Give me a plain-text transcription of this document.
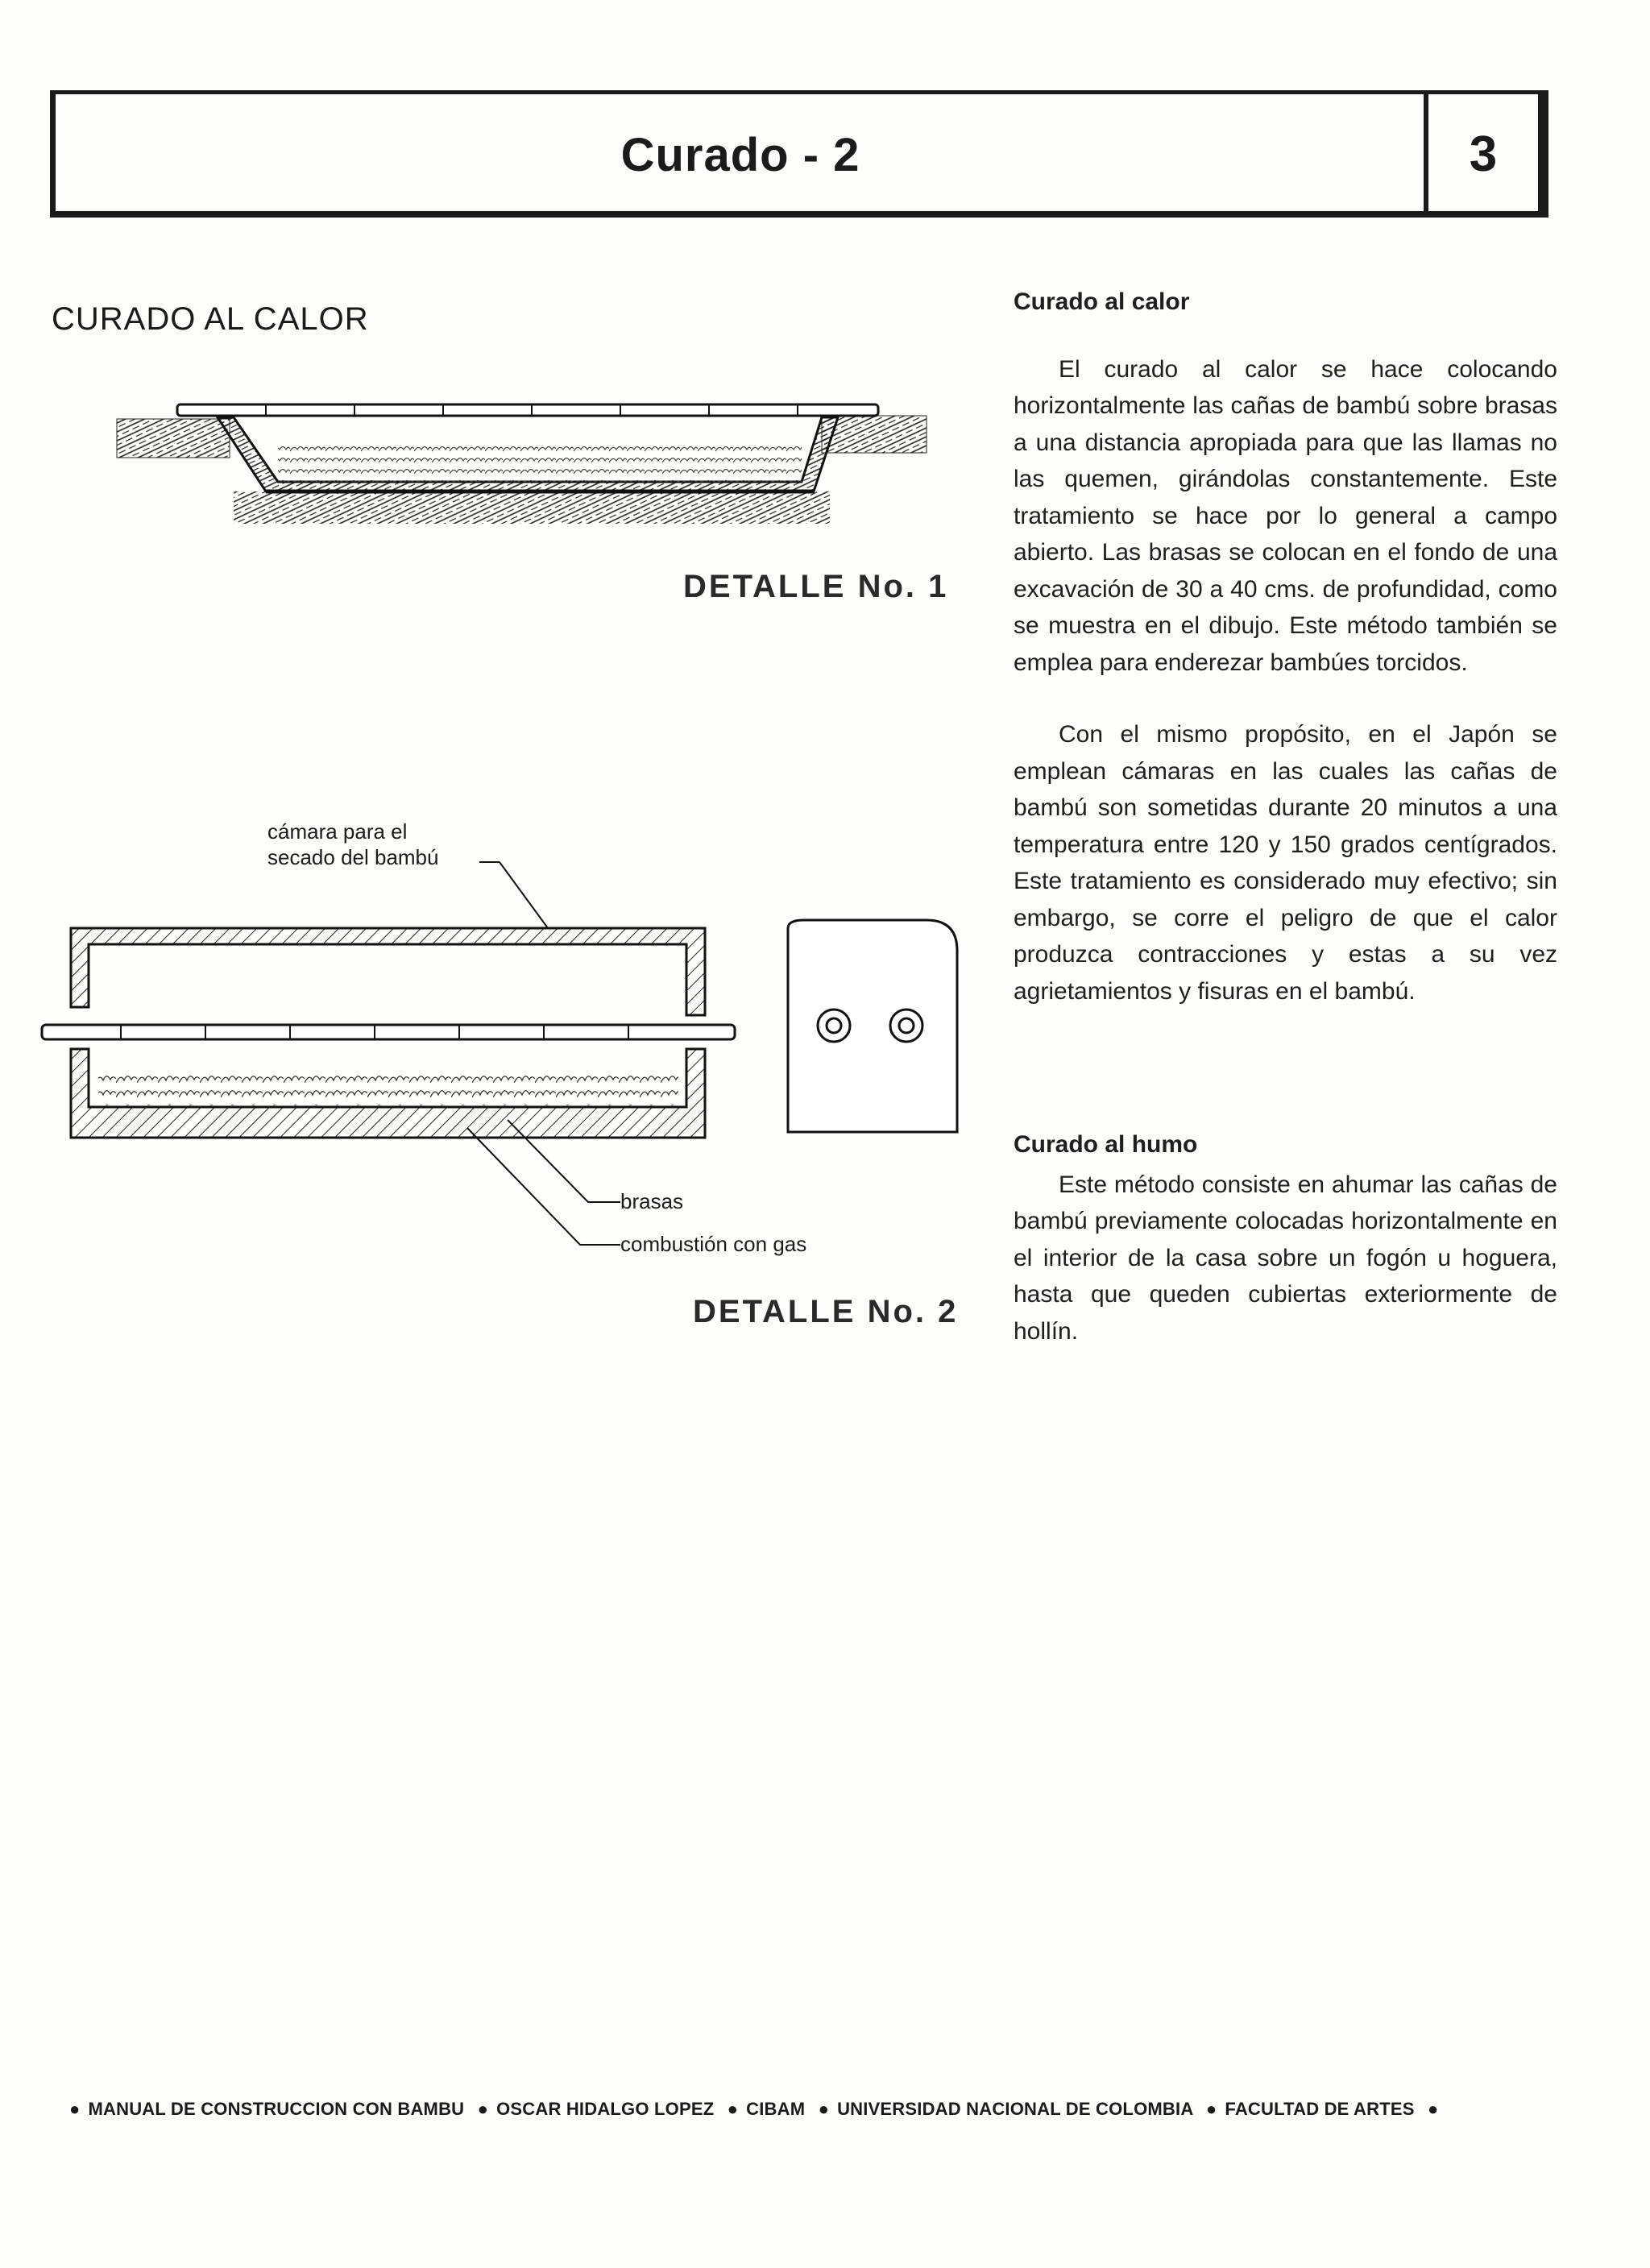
Curado - 2	3
CURADO AL CALOR
DETALLE No. 1
cámara para el
secado del bambú
brasas
combustión con gas
DETALLE No. 2
Curado al calor

El curado al calor se hace colocando horizontalmente las cañas de bambú sobre brasas a una distancia apropiada para que las llamas no las quemen, girándolas constantemente. Este tratamiento se hace por lo general a campo abierto. Las brasas se colocan en el fondo de una excavación de 30 a 40 cms. de profundidad, como se muestra en el dibujo. Este método también se emplea para enderezar bambúes torcidos.

Con el mismo propósito, en el Japón se emplean cámaras en las cuales las cañas de bambú son sometidas durante 20 minutos a una temperatura entre 120 y 150 grados centígrados. Este tratamiento es considerado muy efectivo; sin embargo, se corre el peligro de que el calor produzca contracciones y estas a su vez agrietamientos y fisuras en el bambú.

Curado al humo

Este método consiste en ahumar las cañas de bambú previamente colocadas horizontalmente en el interior de la casa sobre un fogón u hoguera, hasta que queden cubiertas exteriormente de hollín.

● MANUAL DE CONSTRUCCION CON BAMBU ● OSCAR HIDALGO LOPEZ ● CIBAM ● UNIVERSIDAD NACIONAL DE COLOMBIA ● FACULTAD DE ARTES ●
